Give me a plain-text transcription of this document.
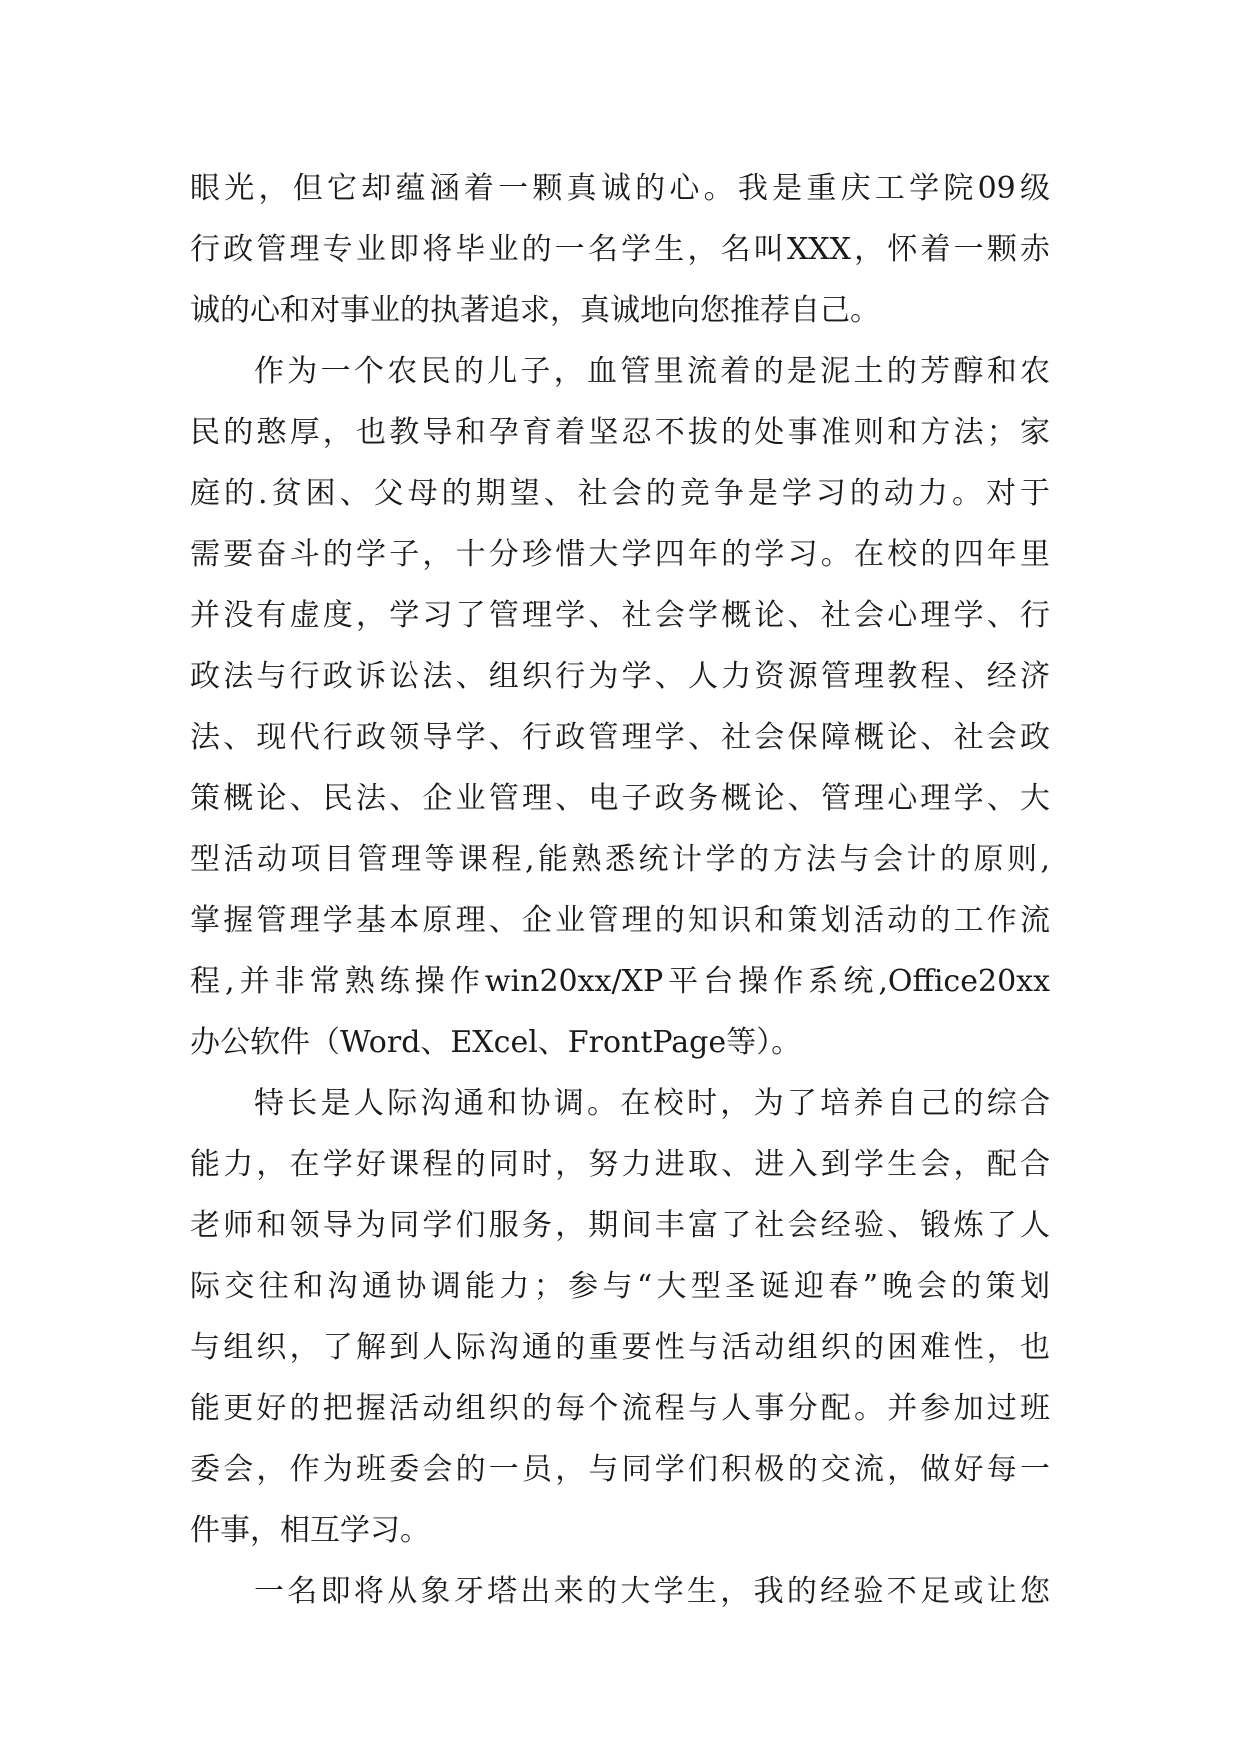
眼光，但它却蕴涵着一颗真诚的心。我是重庆工学院09级
行政管理专业即将毕业的一名学生，名叫XXX，怀着一颗赤
诚的心和对事业的执著追求，真诚地向您推荐自己。
作为一个农民的儿子，血管里流着的是泥土的芳醇和农
民的憨厚，也教导和孕育着坚忍不拔的处事准则和方法；家
庭的.贫困、父母的期望、社会的竞争是学习的动力。对于
需要奋斗的学子，十分珍惜大学四年的学习。在校的四年里
并没有虚度，学习了管理学、社会学概论、社会心理学、行
政法与行政诉讼法、组织行为学、人力资源管理教程、经济
法、现代行政领导学、行政管理学、社会保障概论、社会政
策概论、民法、企业管理、电子政务概论、管理心理学、大
型活动项目管理等课程,能熟悉统计学的方法与会计的原则,
掌握管理学基本原理、企业管理的知识和策划活动的工作流
程,并非常熟练操作win20xx/XP平台操作系统,Office20xx
办公软件（Word、EXcel、FrontPage等）。
特长是人际沟通和协调。在校时，为了培养自己的综合
能力，在学好课程的同时，努力进取、进入到学生会，配合
老师和领导为同学们服务，期间丰富了社会经验、锻炼了人
际交往和沟通协调能力；参与“大型圣诞迎春”晚会的策划
与组织，了解到人际沟通的重要性与活动组织的困难性，也
能更好的把握活动组织的每个流程与人事分配。并参加过班
委会，作为班委会的一员，与同学们积极的交流，做好每一
件事，相互学习。
一名即将从象牙塔出来的大学生，我的经验不足或让您
